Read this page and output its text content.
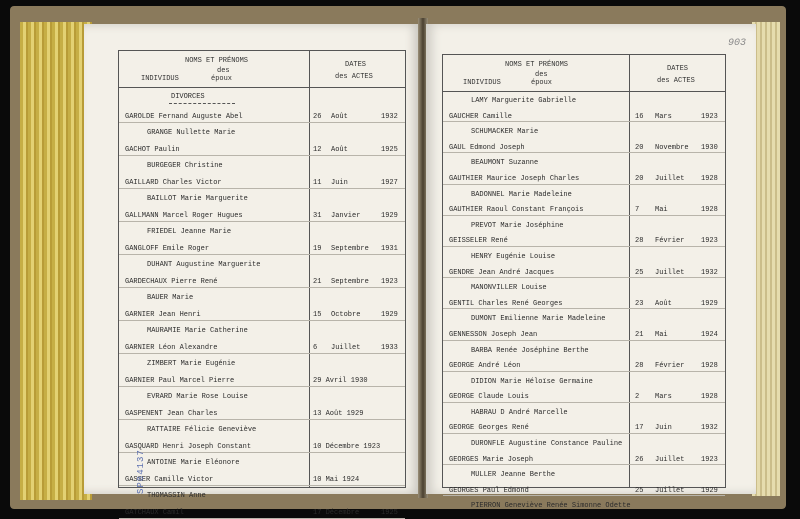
NOMS ET PRÉNOMS
des
INDIVIDUS	époux
DATES
des ACTES
DIVORCES
GAROLDE Fernand Auguste Abel	26 Août	1932
GRANGE Nullette Marie
GACHOT Paulin	12 Août	1925
BURGEGER Christine
GAILLARD Charles Victor	11 Juin	1927
BAILLOT Marie Marguerite
GALLMANN Marcel Roger Hugues	31 Janvier	1929
FRIEDEL Jeanne Marie
GANGLOFF Emile Roger	19 Septembre 1931
DUHANT Augustine Marguerite
GARDECHAUX Pierre René	21 Septembre 1923
BAUER Marie
GARNIER Jean Henri	15 Octobre	1929
MAURAMIE Marie Catherine
GARNIER Léon Alexandre	6 Juillet	1933
ZIMBERT Marie Eugénie
GARNIER Paul Marcel Pierre	29 Avril 1930
EVRARD Marie Rose Louise
GASPENENT Jean Charles	13 Août 1929
RATTAIRE Félicie Geneviève
GASQUARD Henri Joseph Constant	10 Décembre 1923
ANTOINE Marie Eléonore
GASSER Camille Victor	10 Mai 1924
THOMASSIN Anne
GATCHAUX Camil	17 Décembre	1925
SP84137
903
NOMS ET PRÉNOMS
des
INDIVIDUS	époux
DATES
des ACTES
LAMY Marguerite Gabrielle
GAUCHER Camille	16 Mars	1923
SCHUMACKER Marie
GAUL Edmond Joseph	20 Novembre 1930
BEAUMONT Suzanne
GAUTHIER Maurice Joseph Charles	20 Juillet 1928
BADONNEL Marie Madeleine
GAUTHIER Raoul Constant François	7 Mai	1928
PREVOT Marie Joséphine
GEISSELER René	28 Février 1923
HENRY Eugénie Louise
GENDRE Jean André Jacques	25 Juillet 1932
MANONVILLER Louise
GENTIL Charles René Georges	23 Août	1929
DUMONT Emilienne Marie Madeleine
GENNESSON Joseph Jean	21 Mai	1924
BARBA Renée Joséphine Berthe
GEORGE André Léon	28 Février 1928
DIDION Marie Héloïse Germaine
GEORGE Claude Louis	2 Mars	1928
HABRAU D André Marcelle
GEORGE Georges René	17 Juin	1932
DURONFLE Augustine Constance Pauline
GEORGES Marie Joseph	26 Juillet 1923
MULLER Jeanne Berthe
GEORGES Paul Edmond	25 Juillet 1929
PIERRON Geneviève Renée Simonne Odette
